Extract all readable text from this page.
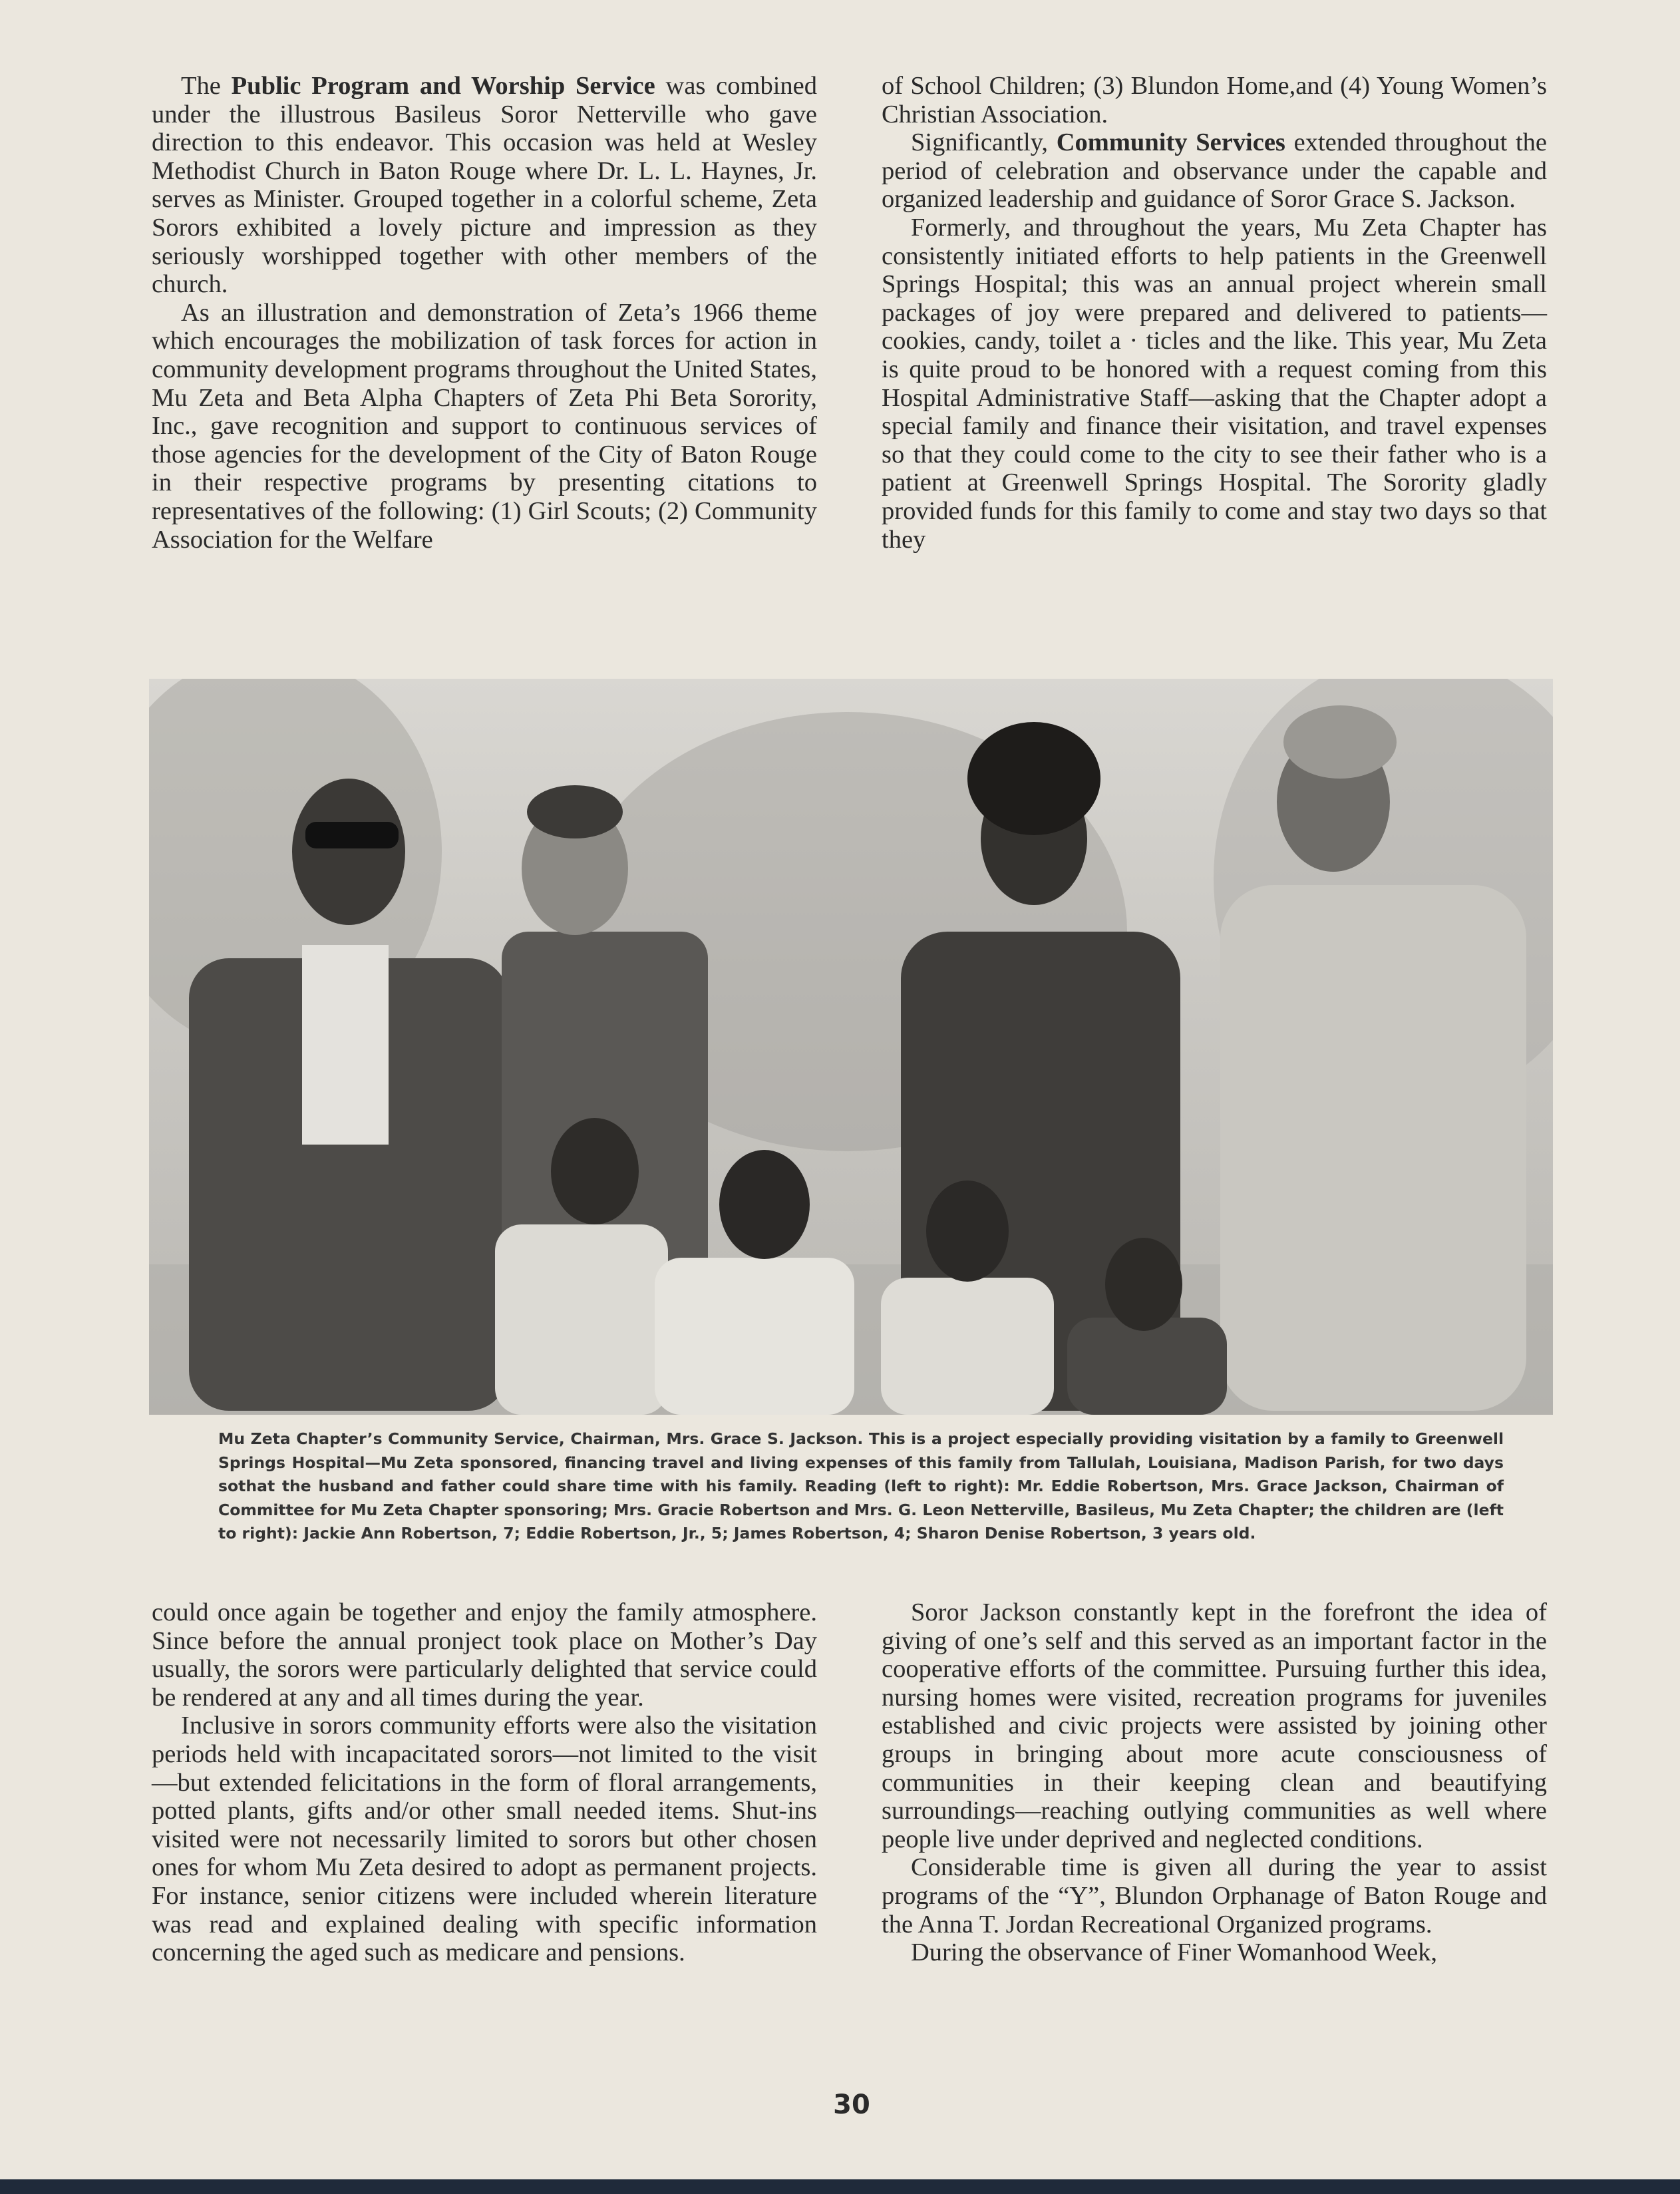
The Public Program and Worship Service was combined under the illustrous Basileus Soror Netterville who gave direction to this endeavor. This occasion was held at Wesley Methodist Church in Baton Rouge where Dr. L. L. Haynes, Jr. serves as Minister. Grouped together in a colorful scheme, Zeta Sorors exhibited a lovely picture and impression as they seriously worshipped together with other members of the church.

As an illustration and demonstration of Zeta’s 1966 theme which encourages the mobilization of task forces for action in community development programs throughout the United States, Mu Zeta and Beta Alpha Chapters of Zeta Phi Beta Sorority, Inc., gave recognition and support to continuous services of those agencies for the development of the City of Baton Rouge in their respective programs by presenting citations to representatives of the following: (1) Girl Scouts; (2) Community Association for the Welfare

of School Children; (3) Blundon Home,and (4) Young Women’s Christian Association.

Significantly, Community Services extended throughout the period of celebration and observance under the capable and organized leadership and guidance of Soror Grace S. Jackson.

Formerly, and throughout the years, Mu Zeta Chapter has consistently initiated efforts to help patients in the Greenwell Springs Hospital; this was an annual project wherein small packages of joy were prepared and delivered to patients—cookies, candy, toilet a · ticles and the like. This year, Mu Zeta is quite proud to be honored with a request coming from this Hospital Administrative Staff—asking that the Chapter adopt a special family and finance their visitation, and travel expenses so that they could come to the city to see their father who is a patient at Greenwell Springs Hospital. The Sorority gladly provided funds for this family to come and stay two days so that they

Mu Zeta Chapter’s Community Service, Chairman, Mrs. Grace S. Jackson. This is a project especially providing visitation by a family to Greenwell Springs Hospital—Mu Zeta sponsored, financing travel and living expenses of this family from Tallulah, Louisiana, Madison Parish, for two days sothat the husband and father could share time with his family. Reading (left to right): Mr. Eddie Robertson, Mrs. Grace Jackson, Chairman of Committee for Mu Zeta Chapter sponsoring; Mrs. Gracie Robertson and Mrs. G. Leon Netterville, Basileus, Mu Zeta Chapter; the children are (left to right): Jackie Ann Robertson, 7; Eddie Robertson, Jr., 5; James Robertson, 4; Sharon Denise Robertson, 3 years old.

could once again be together and enjoy the family atmosphere. Since before the annual pronject took place on Mother’s Day usually, the sorors were particularly delighted that service could be rendered at any and all times during the year.

Inclusive in sorors community efforts were also the visitation periods held with incapacitated sorors—not limited to the visit—but extended felicitations in the form of floral arrangements, potted plants, gifts and/or other small needed items. Shut-ins visited were not necessarily limited to sorors but other chosen ones for whom Mu Zeta desired to adopt as permanent projects. For instance, senior citizens were included wherein literature was read and explained dealing with specific information concerning the aged such as medicare and pensions.

Soror Jackson constantly kept in the forefront the idea of giving of one’s self and this served as an important factor in the cooperative efforts of the committee. Pursuing further this idea, nursing homes were visited, recreation programs for juveniles established and civic projects were assisted by joining other groups in bringing about more acute consciousness of communities in their keeping clean and beautifying surroundings—reaching outlying communities as well where people live under deprived and neglected conditions.

Considerable time is given all during the year to assist programs of the “Y”, Blundon Orphanage of Baton Rouge and the Anna T. Jordan Recreational Organized programs.

During the observance of Finer Womanhood Week,

30
